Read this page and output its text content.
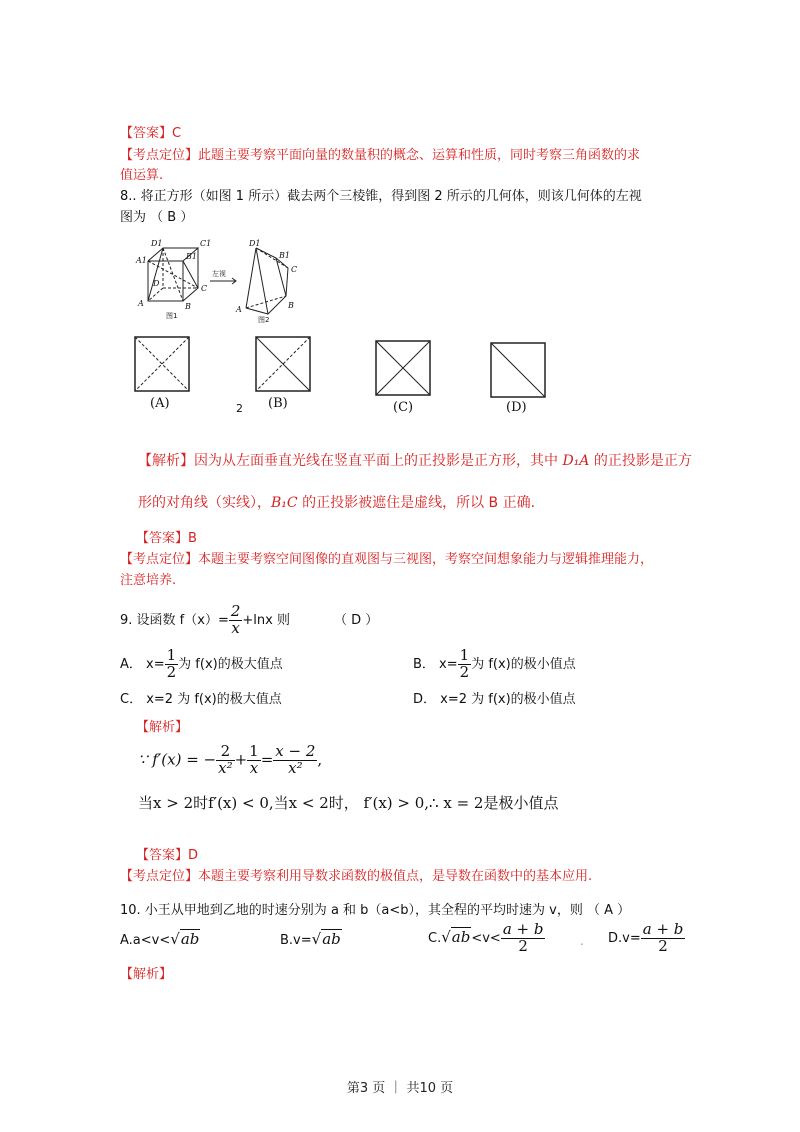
【答案】C
【考点定位】此题主要考察平面向量的数量积的概念、运算和性质，同时考察三角函数的求
值运算.
8.. 将正方形（如图 1 所示）截去两个三棱锥，得到图 2 所示的几何体，则该几何体的左视
图为 （ B ）
D1	C1
A1	B1
D
C
A	B
D1
B1
C
A	B
左视
图1	图2
(A)	(B)	(C)	(D)
2
【解析】因为从左面垂直光线在竖直平面上的正投影是正方形，其中 D₁A 的正投影是正方
形的对角线（实线），B₁C 的正投影被遮住是虚线，所以 B 正确.
【答案】B
【考点定位】本题主要考察空间图像的直观图与三视图，考察空间想象能力与逻辑推理能力，
注意培养.
9. 设函数 $f(x)= \frac{2}{x} +\ln x$ 则	（ D ）
A． $x= \frac{1}{2}$ 为 f(x)的极大值点	B． $x= \frac{1}{2}$ 为 f(x)的极小值点
C． x=2 为 f(x)的极大值点	D． x=2 为 f(x)的极小值点
【解析】
∵ f′(x) = − $\frac{2}{\text{x²}} + \frac{1}{x} = \frac{x - 2}{\text{x²}}$ ,
当x > 2时f′(x) < 0,当x < 2时， f′(x) > 0,∴ x = 2是极小值点
【答案】D
【考点定位】本题主要考察利用导数求函数的极值点，是导数在函数中的基本应用.
10. 小王从甲地到乙地的时速分别为 a 和 b（a<b），其全程的平均时速为 v，则 （ A ）
A.a<v<√ab	B.v=√ab	$C.√ab<v< \frac{a + b}{2}$	. $D.v= \frac{a + b}{2}$
【解析】
第3 页 ｜ 共10 页
